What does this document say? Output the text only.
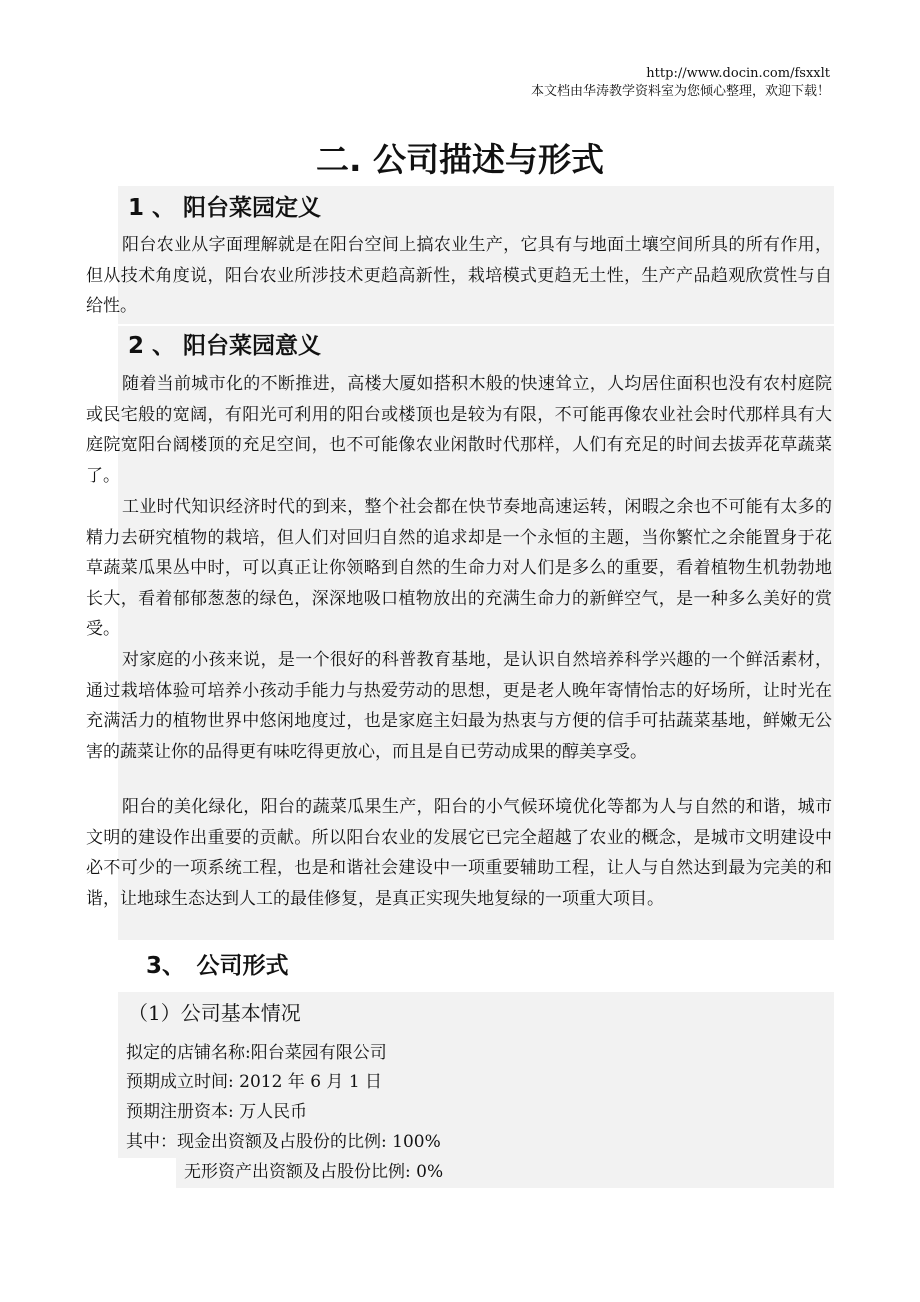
http://www.docin.com/fsxxlt
本文档由华涛教学资料室为您倾心整理，欢迎下载！
二. 公司描述与形式
1 、 阳台菜园定义

阳台农业从字面理解就是在阳台空间上搞农业生产，它具有与地面土壤空间所具的所有作用，但从技术角度说，阳台农业所涉技术更趋高新性，栽培模式更趋无土性，生产产品趋观欣赏性与自给性。

2 、 阳台菜园意义

随着当前城市化的不断推进，高楼大厦如搭积木般的快速耸立，人均居住面积也没有农村庭院或民宅般的宽阔，有阳光可利用的阳台或楼顶也是较为有限，不可能再像农业社会时代那样具有大庭院宽阳台阔楼顶的充足空间，也不可能像农业闲散时代那样，人们有充足的时间去拔弄花草蔬菜了。

工业时代知识经济时代的到来，整个社会都在快节奏地高速运转，闲暇之余也不可能有太多的精力去研究植物的栽培，但人们对回归自然的追求却是一个永恒的主题，当你繁忙之余能置身于花草蔬菜瓜果丛中时，可以真正让你领略到自然的生命力对人们是多么的重要，看着植物生机勃勃地长大，看着郁郁葱葱的绿色，深深地吸口植物放出的充满生命力的新鲜空气，是一种多么美好的赏受。

对家庭的小孩来说，是一个很好的科普教育基地，是认识自然培养科学兴趣的一个鲜活素材，通过栽培体验可培养小孩动手能力与热爱劳动的思想，更是老人晚年寄情怡志的好场所，让时光在充满活力的植物世界中悠闲地度过，也是家庭主妇最为热衷与方便的信手可拈蔬菜基地，鲜嫩无公害的蔬菜让你的品得更有味吃得更放心，而且是自已劳动成果的醇美享受。

阳台的美化绿化，阳台的蔬菜瓜果生产，阳台的小气候环境优化等都为人与自然的和谐，城市文明的建设作出重要的贡献。所以阳台农业的发展它已完全超越了农业的概念，是城市文明建设中必不可少的一项系统工程，也是和谐社会建设中一项重要辅助工程，让人与自然达到最为完美的和谐，让地球生态达到人工的最佳修复，是真正实现失地复绿的一项重大项目。

3、　公司形式
（1）公司基本情况
拟定的店铺名称:阳台菜园有限公司
预期成立时间: 2012 年 6 月 1 日
预期注册资本: 万人民币
其中：现金出资额及占股份的比例: 100%
无形资产出资额及占股份比例: 0%
